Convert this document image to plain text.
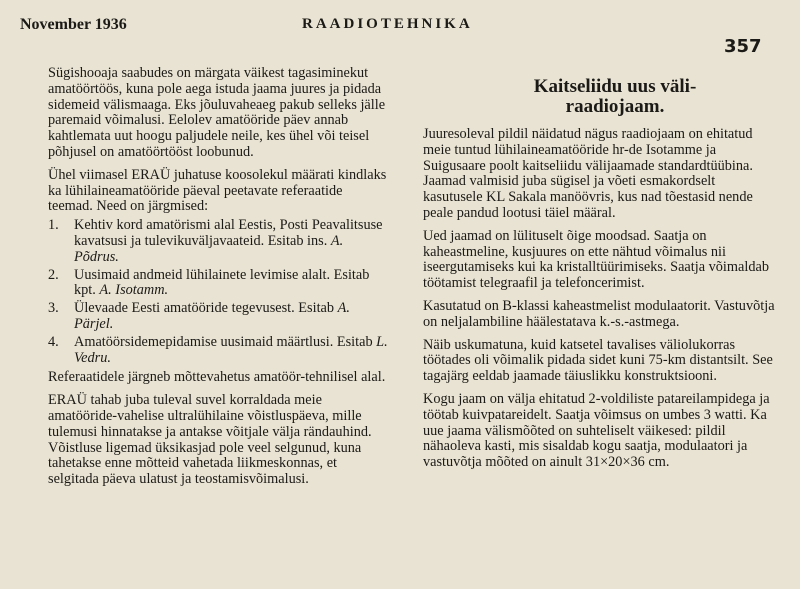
November 1936	RAADIOTEHNIKA
357

Sügishooaja saabudes on märgata väikest tagasiminekut amatöörtöös, kuna pole aega istuda jaama juures ja pidada sidemeid välismaaga. Eks jõuluvaheaeg pakub selleks jälle paremaid võimalusi. Eelolev amatööride päev annab kahtlemata uut hoogu paljudele neile, kes ühel või teisel põhjusel on amatöörtööst loobunud.

Ühel viimasel ERAÜ juhatuse koosolekul määrati kindlaks ka lühilaineamatööride päeval peetavate referaatide teemad. Need on järgmised:

1. Kehtiv kord amatörismi alal Eestis, Posti Peavalitsuse kavatsusi ja tulevikuväljavaateid. Esitab ins. A. Põdrus.
2. Uusimaid andmeid lühilainete levimise alalt. Esitab kpt. A. Isotamm.
3. Ülevaade Eesti amatööride tegevusest. Esitab A. Pärjel.
4. Amatöörsidemepidamise uusimaid määrtlusi. Esitab L. Vedru.

Referaatidele järgneb mõttevahetus amatöör-tehnilisel alal.

ERAÜ tahab juba tuleval suvel korraldada meie amatööride-vahelise ultralühilaine võistluspäeva, mille tulemusi hinnatakse ja antakse võitjale välja rändauhind. Võistluse ligemad üksikasjad pole veel selgunud, kuna tahetakse enne mõtteid vahetada liikmeskonnas, et selgitada päeva ulatust ja teostamisvõimalusi.

Kaitseliidu uus väli-raadiojaam.

Juuresoleval pildil näidatud nägus raadiojaam on ehitatud meie tuntud lühilaineamatööride hr-de Isotamme ja Suigusaare poolt kaitseliidu välijaamade standardtüübina. Jaamad valmisid juba sügisel ja võeti esmakordselt kasutusele KL Sakala manöövris, kus nad tõestasid nende peale pandud lootusi täiel määral.

Ued jaamad on lülituselt õige moodsad. Saatja on kaheastmeline, kusjuures on ette nähtud võimalus nii iseergutamiseks kui ka kristalltüürimiseks. Saatja võimaldab töötamist telegraafil ja telefoncerimist.

Kasutatud on B-klassi kaheastmelist modulaatorit. Vastuvõtja on neljalambiline häälestatava k.-s.-astmega.

Näib uskumatuna, kuid katsetel tavalises väliolukorras töötades oli võimalik pidada sidet kuni 75-km distantsilt. See tagajärg eeldab jaamade täiuslikku konstruktsiooni.

Kogu jaam on välja ehitatud 2-voldiliste patareilampidega ja töötab kuivpatareidelt. Saatja võimsus on umbes 3 watti. Ka uue jaama välismõõted on suhteliselt väikesed: pildil nähaoleva kasti, mis sisaldab kogu saatja, modulaatori ja vastuvõtja mõõted on ainult 31×20×36 cm.
